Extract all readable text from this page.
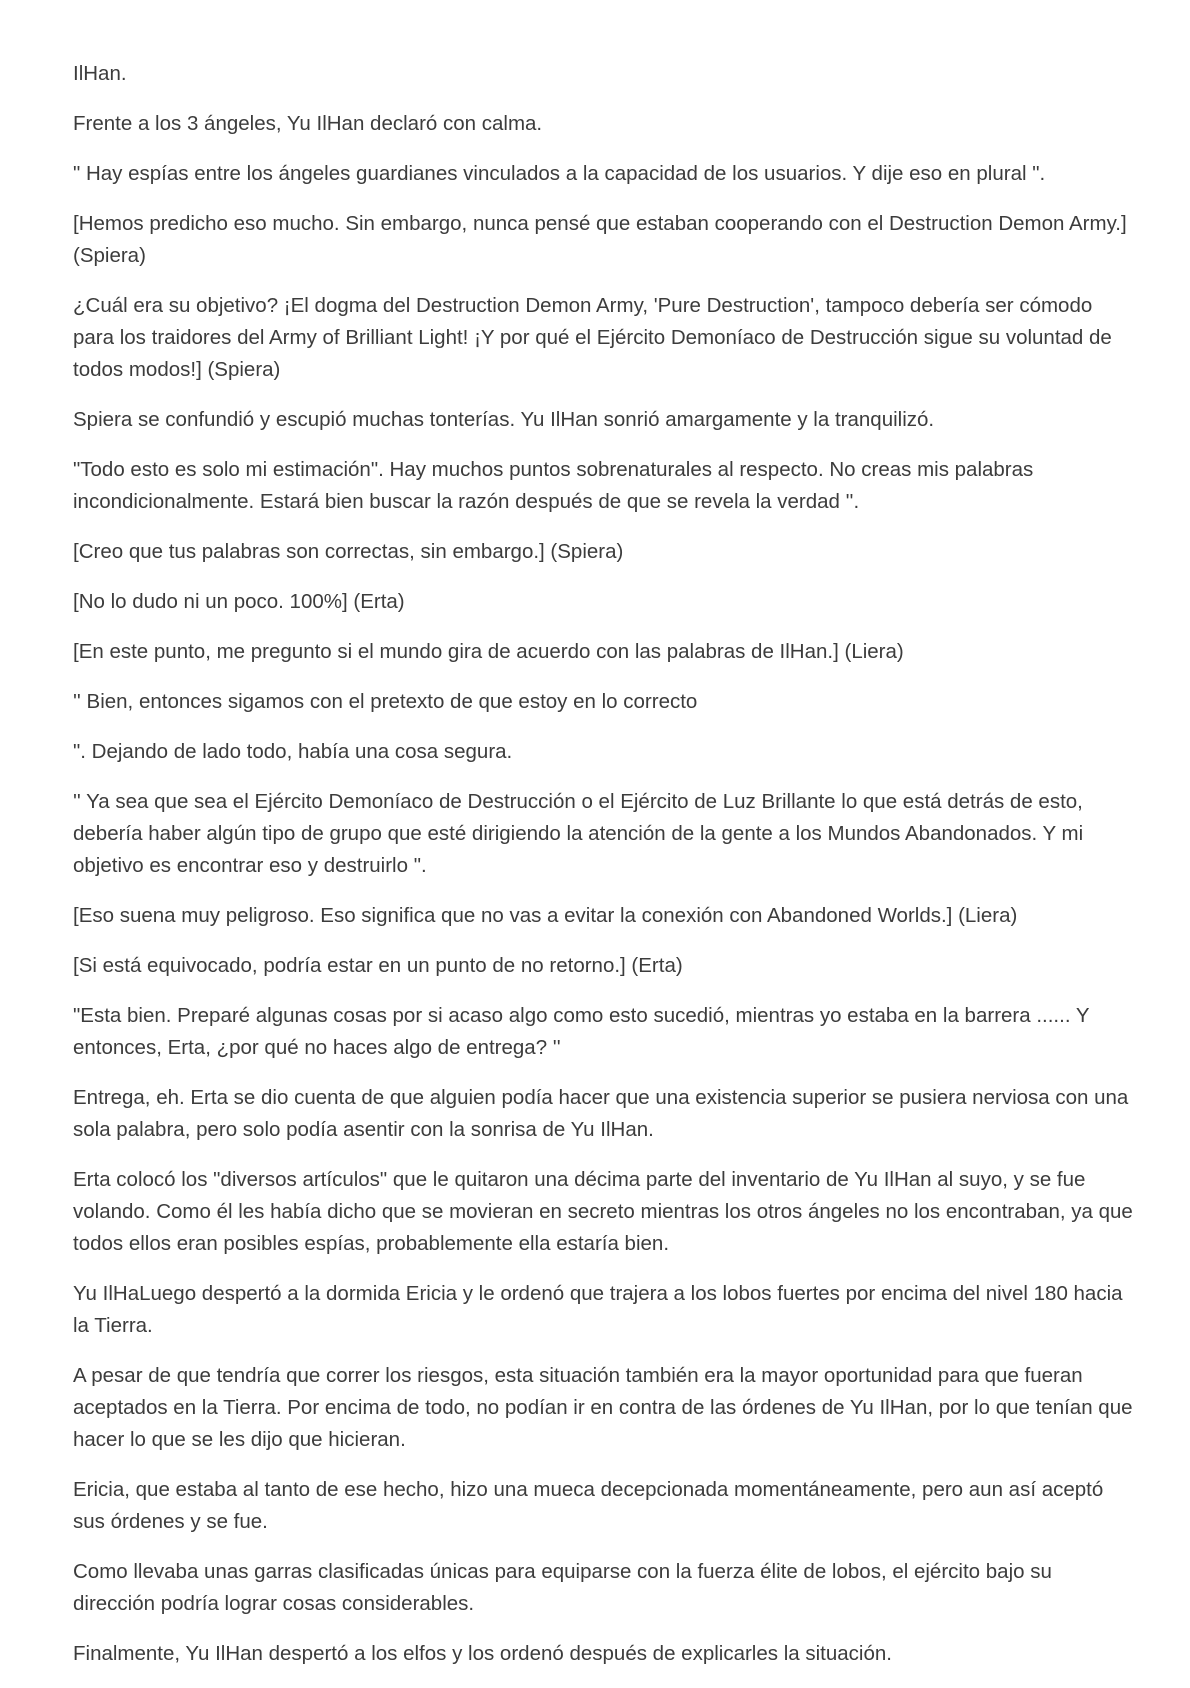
IlHan.

Frente a los 3 ángeles, Yu IlHan declaró con calma.

" Hay espías entre los ángeles guardianes vinculados a la capacidad de los usuarios. Y dije eso en plural ".

[Hemos predicho eso mucho. Sin embargo, nunca pensé que estaban cooperando con el Destruction Demon Army.] (Spiera)

¿Cuál era su objetivo? ¡El dogma del Destruction Demon Army, 'Pure Destruction', tampoco debería ser cómodo para los traidores del Army of Brilliant Light! ¡Y por qué el Ejército Demoníaco de Destrucción sigue su voluntad de todos modos!] (Spiera)

Spiera se confundió y escupió muchas tonterías. Yu IlHan sonrió amargamente y la tranquilizó.

"Todo esto es solo mi estimación". Hay muchos puntos sobrenaturales al respecto. No creas mis palabras incondicionalmente. Estará bien buscar la razón después de que se revela la verdad ''.

[Creo que tus palabras son correctas, sin embargo.] (Spiera)

[No lo dudo ni un poco. 100%] (Erta)

[En este punto, me pregunto si el mundo gira de acuerdo con las palabras de IlHan.] (Liera)

'' Bien, entonces sigamos con el pretexto de que estoy en lo correcto

". Dejando de lado todo, había una cosa segura.

'' Ya sea que sea el Ejército Demoníaco de Destrucción o el Ejército de Luz Brillante lo que está detrás de esto, debería haber algún tipo de grupo que esté dirigiendo la atención de la gente a los Mundos Abandonados. Y mi objetivo es encontrar eso y destruirlo ".

[Eso suena muy peligroso. Eso significa que no vas a evitar la conexión con Abandoned Worlds.] (Liera)

[Si está equivocado, podría estar en un punto de no retorno.] (Erta)

"Esta bien. Preparé algunas cosas por si acaso algo como esto sucedió, mientras yo estaba en la barrera ...... Y entonces, Erta, ¿por qué no haces algo de entrega? ''

Entrega, eh. Erta se dio cuenta de que alguien podía hacer que una existencia superior se pusiera nerviosa con una sola palabra, pero solo podía asentir con la sonrisa de Yu IlHan.

Erta colocó los "diversos artículos" que le quitaron una décima parte del inventario de Yu IlHan al suyo, y se fue volando. Como él les había dicho que se movieran en secreto mientras los otros ángeles no los encontraban, ya que todos ellos eran posibles espías, probablemente ella estaría bien.

Yu IlHaLuego despertó a la dormida Ericia y le ordenó que trajera a los lobos fuertes por encima del nivel 180 hacia la Tierra.

A pesar de que tendría que correr los riesgos, esta situación también era la mayor oportunidad para que fueran aceptados en la Tierra. Por encima de todo, no podían ir en contra de las órdenes de Yu IlHan, por lo que tenían que hacer lo que se les dijo que hicieran.

Ericia, que estaba al tanto de ese hecho, hizo una mueca decepcionada momentáneamente, pero aun así aceptó sus órdenes y se fue.

Como llevaba unas garras clasificadas únicas para equiparse con la fuerza élite de lobos, el ejército bajo su dirección podría lograr cosas considerables.

Finalmente, Yu IlHan despertó a los elfos y los ordenó después de explicarles la situación.
